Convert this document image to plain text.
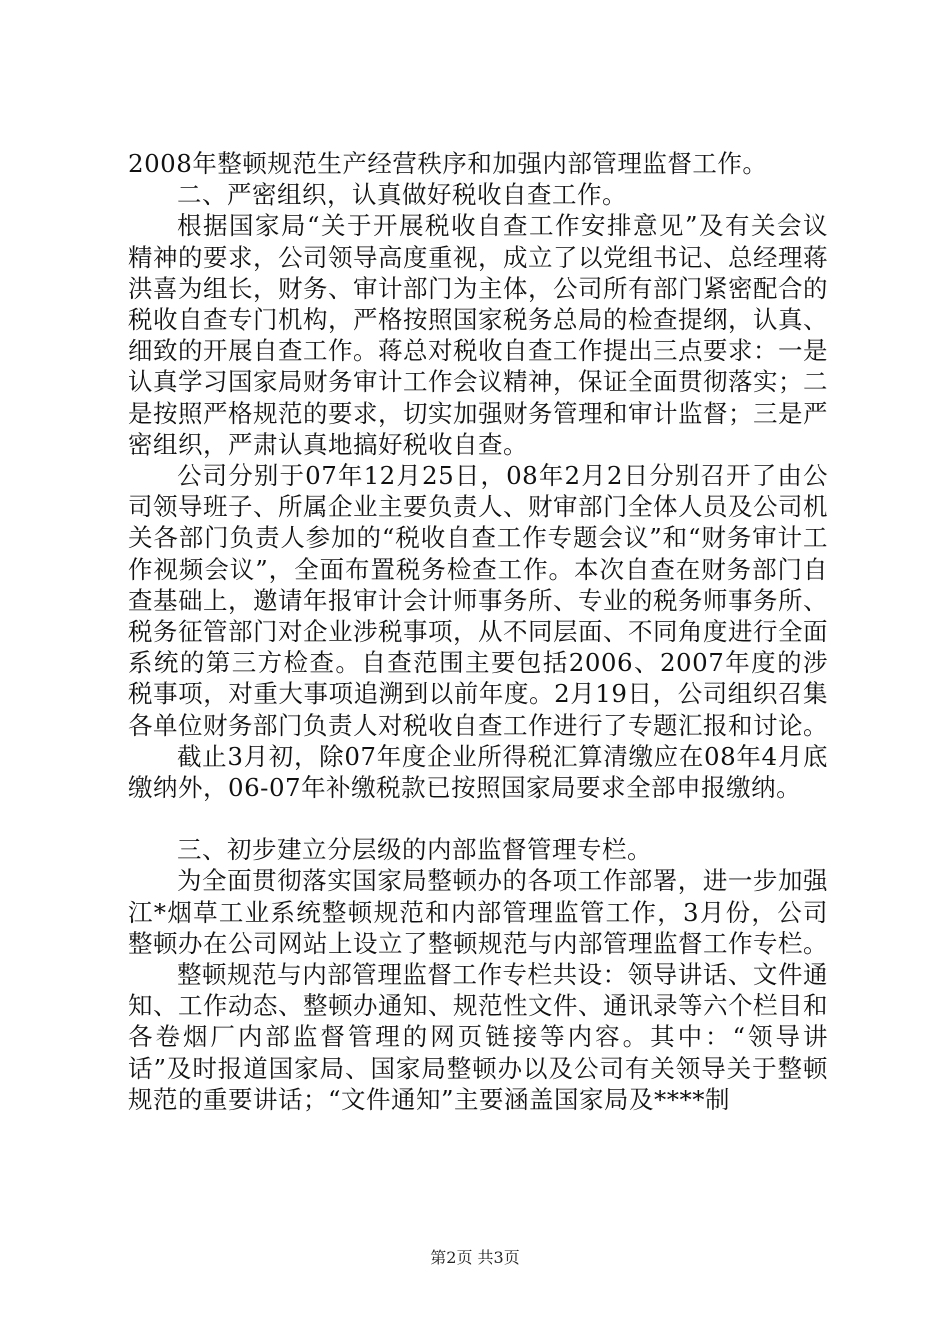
2008年整顿规范生产经营秩序和加强内部管理监督工作。

二、严密组织，认真做好税收自查工作。

根据国家局“关于开展税收自查工作安排意见”及有关会议精神的要求，公司领导高度重视，成立了以党组书记、总经理蒋洪喜为组长，财务、审计部门为主体，公司所有部门紧密配合的税收自查专门机构，严格按照国家税务总局的检查提纲，认真、细致的开展自查工作。蒋总对税收自查工作提出三点要求：一是认真学习国家局财务审计工作会议精神，保证全面贯彻落实；二是按照严格规范的要求，切实加强财务管理和审计监督；三是严密组织，严肃认真地搞好税收自查。

公司分别于07年12月25日，08年2月2日分别召开了由公司领导班子、所属企业主要负责人、财审部门全体人员及公司机关各部门负责人参加的“税收自查工作专题会议”和“财务审计工作视频会议”，全面布置税务检查工作。本次自查在财务部门自查基础上，邀请年报审计会计师事务所、专业的税务师事务所、税务征管部门对企业涉税事项，从不同层面、不同角度进行全面系统的第三方检查。自查范围主要包括2006、2007年度的涉税事项，对重大事项追溯到以前年度。2月19日，公司组织召集各单位财务部门负责人对税收自查工作进行了专题汇报和讨论。

截止3月初，除07年度企业所得税汇算清缴应在08年4月底缴纳外，06-07年补缴税款已按照国家局要求全部申报缴纳。

三、初步建立分层级的内部监督管理专栏。

为全面贯彻落实国家局整顿办的各项工作部署，进一步加强江*烟草工业系统整顿规范和内部管理监管工作，3月份，公司整顿办在公司网站上设立了整顿规范与内部管理监督工作专栏。

整顿规范与内部管理监督工作专栏共设：领导讲话、文件通知、工作动态、整顿办通知、规范性文件、通讯录等六个栏目和各卷烟厂内部监督管理的网页链接等内容。其中：“领导讲话”及时报道国家局、国家局整顿办以及公司有关领导关于整顿规范的重要讲话；“文件通知”主要涵盖国家局及****制

第2页 共3页
